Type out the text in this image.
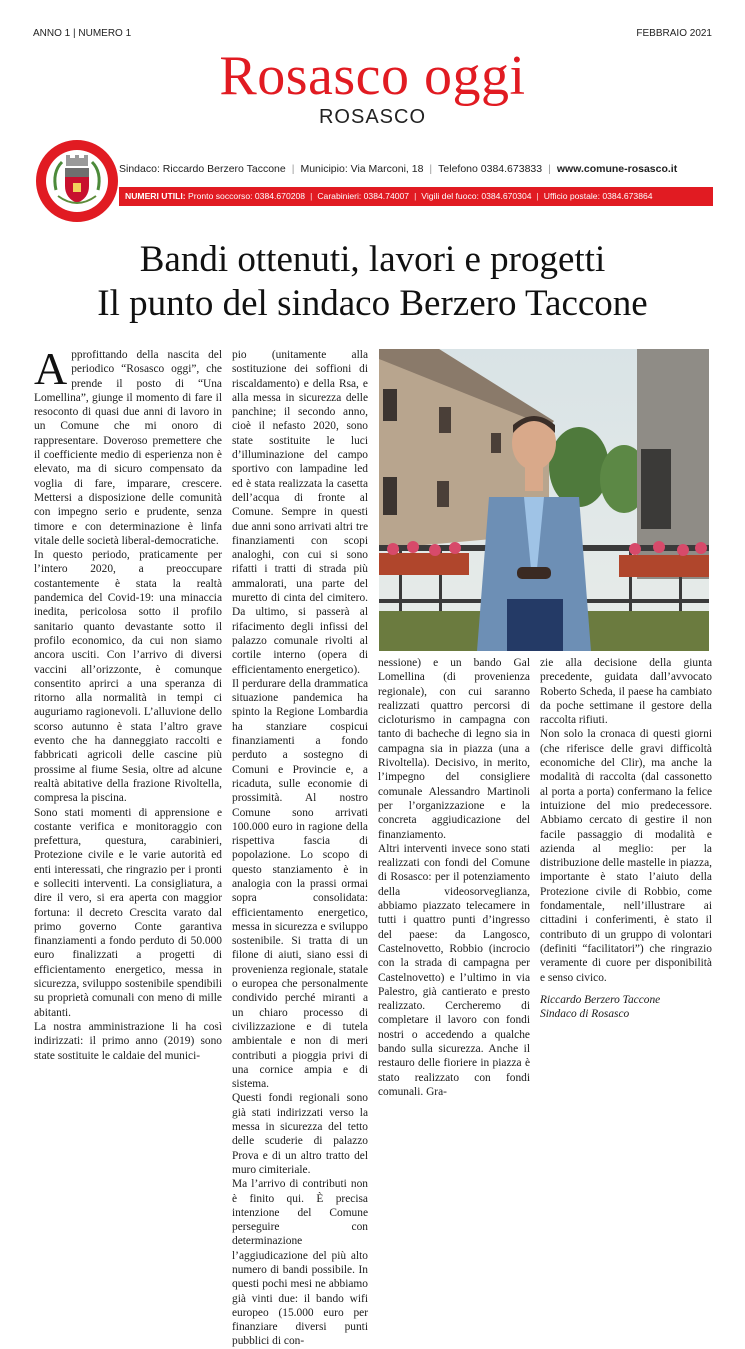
ANNO 1 | NUMERO 1	FEBBRAIO 2021
Rosasco oggi
ROSASCO
Sindaco: Riccardo Berzero Taccone | Municipio: Via Marconi, 18 | Telefono 0384.673833 | www.comune-rosasco.it
NUMERI UTILI: Pronto soccorso: 0384.670208 | Carabinieri: 0384.74007 | Vigili del fuoco: 0384.670304 | Ufficio postale: 0384.673864
Bandi ottenuti, lavori e progetti
Il punto del sindaco Berzero Taccone

Approfittando della nascita del periodico “Rosasco oggi”, che prende il posto di “Una Lomellina”, giunge il momento di fare il resoconto di quasi due anni di lavoro in un Comune che mi onoro di rappresentare. Doveroso premettere che il coefficiente medio di esperienza non è elevato, ma di sicuro compensato da voglia di fare, imparare, crescere. Mettersi a disposizione delle comunità con impegno serio e prudente, senza timore e con determinazione è linfa vitale delle società liberal-democratiche.

In questo periodo, praticamente per l’intero 2020, a preoccupare costantemente è stata la realtà pandemica del Covid-19: una minaccia inedita, pericolosa sotto il profilo sanitario quanto devastante sotto il profilo economico, da cui non siamo ancora usciti. Con l’arrivo di diversi vaccini all’orizzonte, è comunque consentito aprirci a una speranza di ritorno alla normalità in tempi ci auguriamo ragionevoli. L’alluvione dello scorso autunno è stata l’altro grave evento che ha danneggiato raccolti e fabbricati agricoli delle cascine più prossime al fiume Sesia, oltre ad alcune realtà abitative della frazione Rivoltella, compresa la piscina.

Sono stati momenti di apprensione e costante verifica e monitoraggio con prefettura, questura, carabinieri, Protezione civile e le varie autorità ed enti interessati, che ringrazio per i pronti e solleciti interventi. La consigliatura, a dire il vero, si era aperta con maggior fortuna: il decreto Crescita varato dal primo governo Conte garantiva finanziamenti a fondo perduto di 50.000 euro finalizzati a progetti di efficientamento energetico, messa in sicurezza, sviluppo sostenibile spendibili su proprietà comunali con meno di mille abitanti.

La nostra amministrazione li ha così indirizzati: il primo anno (2019) sono state sostituite le caldaie del munici-

pio (unitamente alla sostituzione dei soffioni di riscaldamento) e della Rsa, e alla messa in sicurezza delle panchine; il secondo anno, cioè il nefasto 2020, sono state sostituite le luci d’illuminazione del campo sportivo con lampadine led ed è stata realizzata la casetta dell’acqua di fronte al Comune. Sempre in questi due anni sono arrivati altri tre finanziamenti con scopi analoghi, con cui si sono rifatti i tratti di strada più ammalorati, una parte del muretto di cinta del cimitero. Da ultimo, si passerà al rifacimento degli infissi del palazzo comunale rivolti al cortile interno (opera di efficientamento energetico).

Il perdurare della drammatica situazione pandemica ha spinto la Regione Lombardia ha stanziare cospicui finanziamenti a fondo perduto a sostegno di Comuni e Provincie e, a ricaduta, sulle economie di prossimità. Al nostro Comune sono arrivati 100.000 euro in ragione della rispettiva fascia di popolazione. Lo scopo di questo stanziamento è in analogia con la prassi ormai sopra consolidata: efficientamento energetico, messa in sicurezza e sviluppo sostenibile. Si tratta di un filone di aiuti, siano essi di provenienza regionale, statale o europea che personalmente condivido perché miranti a un chiaro processo di civilizzazione e di tutela ambientale e non di meri contributi a pioggia privi di una cornice ampia e di sistema.

Questi fondi regionali sono già stati indirizzati verso la messa in sicurezza del tetto delle scuderie di palazzo Prova e di un altro tratto del muro cimiteriale.

Ma l’arrivo di contributi non è finito qui. È precisa intenzione del Comune perseguire con determinazione l’aggiudicazione del più alto numero di bandi possibile. In questi pochi mesi ne abbiamo già vinti due: il bando wifi europeo (15.000 euro per finanziare diversi punti pubblici di con-

nessione) e un bando Gal Lomellina (di provenienza regionale), con cui saranno realizzati quattro percorsi di cicloturismo in campagna con tanto di bacheche di legno sia in campagna sia in piazza (una a Rivoltella). Decisivo, in merito, l’impegno del consigliere comunale Alessandro Martinoli per l’organizzazione e la concreta aggiudicazione del finanziamento.

Altri interventi invece sono stati realizzati con fondi del Comune di Rosasco: per il potenziamento della videosorveglianza, abbiamo piazzato telecamere in tutti i quattro punti d’ingresso del paese: da Langosco, Castelnovetto, Robbio (incrocio con la strada di campagna per Castelnovetto) e l’ultimo in via Palestro, già cantierato e presto realizzato. Cercheremo di completare il lavoro con fondi nostri o accedendo a qualche bando sulla sicurezza. Anche il restauro delle fioriere in piazza è stato realizzato con fondi comunali. Gra-

zie alla decisione della giunta precedente, guidata dall’avvocato Roberto Scheda, il paese ha cambiato da poche settimane il gestore della raccolta rifiuti.

Non solo la cronaca di questi giorni (che riferisce delle gravi difficoltà economiche del Clir), ma anche la modalità di raccolta (dal cassonetto al porta a porta) confermano la felice intuizione del mio predecessore. Abbiamo cercato di gestire il non facile passaggio di modalità e azienda al meglio: per la distribuzione delle mastelle in piazza, importante è stato l’aiuto della Protezione civile di Robbio, come fondamentale, nell’illustrare ai cittadini i conferimenti, è stato il contributo di un gruppo di volontari (definiti “facilitatori”) che ringrazio veramente di cuore per disponibilità e senso civico.

Riccardo Berzero Taccone
Sindaco di Rosasco
